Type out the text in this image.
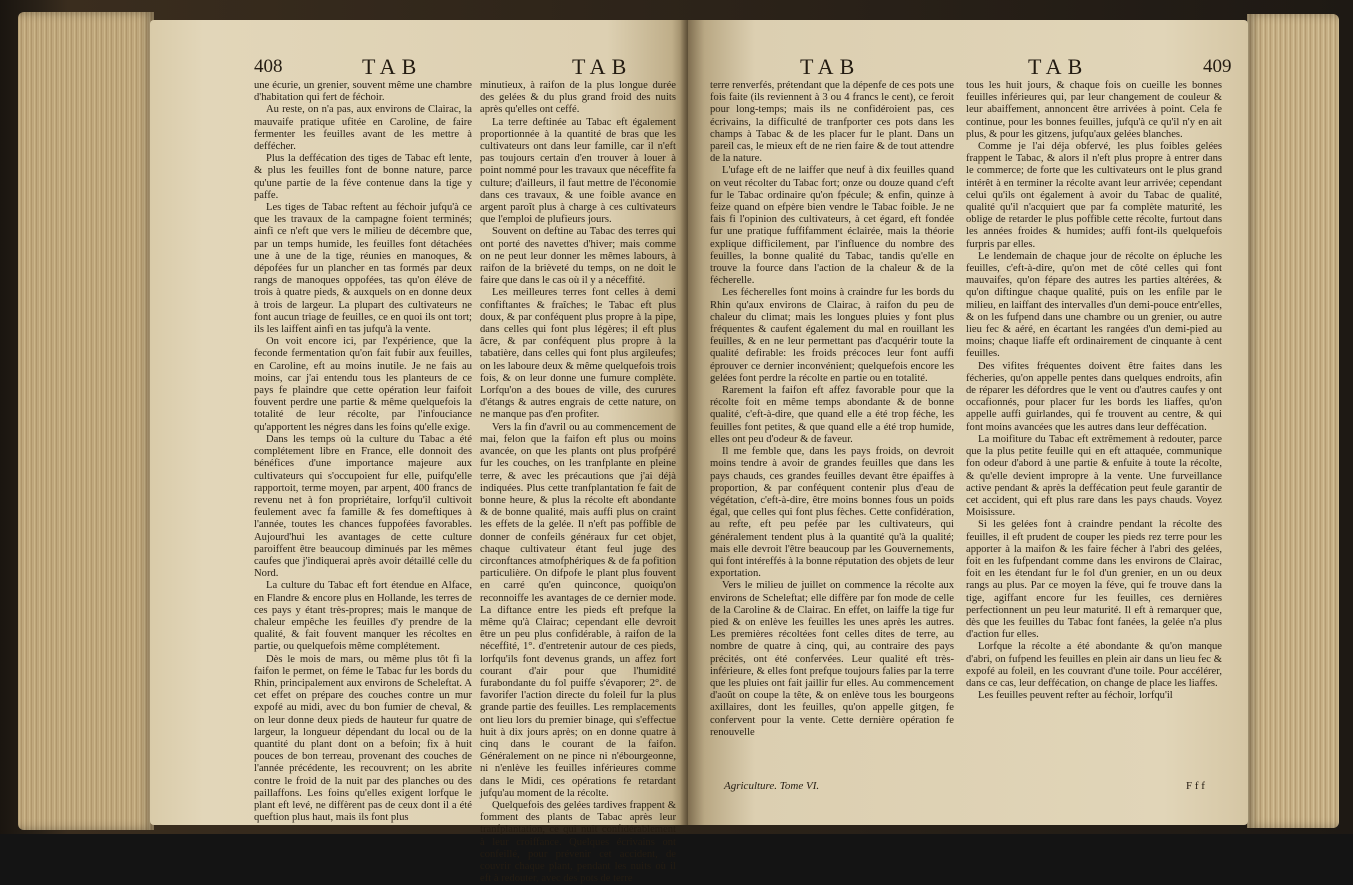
408	TAB	TAB

une écurie, un grenier, souvent même une chambre d'habitation qui fert de féchoir.

Au reste, on n'a pas, aux environs de Clairac, la mauvaife pratique ufitée en Caroline, de faire fermenter les feuilles avant de les mettre à deffécher.

Plus la deffécation des tiges de Tabac eft lente, & plus les feuilles font de bonne nature, parce qu'une partie de la féve contenue dans la tige y paffe.

Les tiges de Tabac reftent au féchoir jufqu'à ce que les travaux de la campagne foient terminés; ainfi ce n'eft que vers le milieu de décembre que, par un temps humide, les feuilles font détachées une à une de la tige, réunies en manoques, & dépofées fur un plancher en tas formés par deux rangs de manoques oppofées, tas qu'on éléve de trois à quatre pieds, & auxquels on en donne deux à trois de largeur. La plupart des cultivateurs ne font aucun triage de feuilles, ce en quoi ils ont tort; ils les laiffent ainfi en tas jufqu'à la vente.

On voit encore ici, par l'expérience, que la feconde fermentation qu'on fait fubir aux feuilles, en Caroline, eft au moins inutile. Je ne fais au moins, car j'ai entendu tous les planteurs de ce pays fe plaindre que cette opération leur faifoit fouvent perdre une partie & même quelquefois la totalité de leur récolte, par l'infouciance qu'apportent les négres dans les foins qu'elle exige.

Dans les temps où la culture du Tabac a été complétement libre en France, elle donnoit des bénéfices d'une importance majeure aux cultivateurs qui s'occupoient fur elle, puifqu'elle rapportoit, terme moyen, par arpent, 400 francs de revenu net à fon propriétaire, lorfqu'il cultivoit feulement avec fa famille & fes domeftiques à l'année, toutes les chances fuppofées favorables. Aujourd'hui les avantages de cette culture paroiffent être beaucoup diminués par les mêmes caufes que j'indiquerai après avoir détaillé celle du Nord.

La culture du Tabac eft fort étendue en Alface, en Flandre & encore plus en Hollande, les terres de ces pays y étant très-propres; mais le manque de chaleur empêche les feuilles d'y prendre de la qualité, & fait fouvent manquer les récoltes en partie, ou quelquefois même complétement.

Dès le mois de mars, ou même plus tôt fi la faifon le permet, on féme le Tabac fur les bords du Rhin, principalement aux environs de Scheleftat. A cet effet on prépare des couches contre un mur expofé au midi, avec du bon fumier de cheval, & on leur donne deux pieds de hauteur fur quatre de largeur, la longueur dépendant du local ou de la quantité du plant dont on a befoin; fix à huit pouces de bon terreau, provenant des couches de l'année précédente, les recouvrent; on les abrite contre le froid de la nuit par des planches ou des paillaffons. Les foins qu'elles exigent lorfque le plant eft levé, ne diffèrent pas de ceux dont il a été queftion plus haut, mais ils font plus

minutieux, à raifon de la plus longue durée des gelées & du plus grand froid des nuits après qu'elles ont ceffé.

La terre deftinée au Tabac eft également proportionnée à la quantité de bras que les cultivateurs ont dans leur famille, car il n'eft pas toujours certain d'en trouver à louer à point nommé pour les travaux que néceffite fa culture; d'ailleurs, il faut mettre de l'économie dans ces travaux, & une foible avance en argent paroît plus à charge à ces cultivateurs que l'emploi de plufieurs jours.

Souvent on deftine au Tabac des terres qui ont porté des navettes d'hiver; mais comme on ne peut leur donner les mêmes labours, à raifon de la brièveté du temps, on ne doit le faire que dans le cas où il y a néceffité.

Les meilleures terres font celles à demi confiftantes & fraîches; le Tabac eft plus doux, & par conféquent plus propre à la pipe, dans celles qui font plus légères; il eft plus âcre, & par conféquent plus propre à la tabatière, dans celles qui font plus argileufes; on les laboure deux & même quelquefois trois fois, & on leur donne une fumure complète. Lorfqu'on a des boues de ville, des curures d'étangs & autres engrais de cette nature, on ne manque pas d'en profiter.

Vers la fin d'avril ou au commencement de mai, felon que la faifon eft plus ou moins avancée, on que les plants ont plus profpéré fur les couches, on les tranfplante en pleine terre, & avec les précautions que j'ai déjà indiquées. Plus cette tranfplantation fe fait de bonne heure, & plus la récolte eft abondante & de bonne qualité, mais auffi plus on craint les effets de la gelée. Il n'eft pas poffible de donner de confeils généraux fur cet objet, chaque cultivateur étant feul juge des circonftances atmofphériques & de fa pofition particulière. On difpofe le plant plus fouvent en carré qu'en quinconce, quoiqu'on reconnoiffe les avantages de ce dernier mode. La diftance entre les pieds eft prefque la même qu'à Clairac; cependant elle devroit être un peu plus confidérable, à raifon de la néceffité, 1°. d'entretenir autour de ces pieds, lorfqu'ils font devenus grands, un affez fort courant d'air pour que l'humidité furabondante du fol puiffe s'évaporer; 2°. de favorifer l'action directe du foleil fur la plus grande partie des feuilles. Les remplacements ont lieu lors du premier binage, qui s'effectue huit à dix jours après; on en donne quatre à cinq dans le courant de la faifon. Généralement on ne pince ni n'ébourgeonne, ni n'enlève les feuilles inférieures comme dans le Midi, ces opérations fe retardant jufqu'au moment de la récolte.

Quelquefois des gelées tardives frappent & fomment des plants de Tabac après leur tranfplantation, ce qui nuit confidérablement à leur croiffance. Quelques écrivains ont confeillé, pour prévenir cet accident, de couvrir chaque plant, pendant les nuits où il eft à redouter, avec des pots de terre

TAB	TAB	409

terre renverfés, prétendant que la dépenfe de ces pots une fois faite (ils reviennent à 3 ou 4 francs le cent), ce feroit pour long-temps; mais ils ne confidéroient pas, ces écrivains, la difficulté de tranfporter ces pots dans les champs à Tabac & de les placer fur le plant. Dans un pareil cas, le mieux eft de ne rien faire & de tout attendre de la nature.

L'ufage eft de ne laiffer que neuf à dix feuilles quand on veut récolter du Tabac fort; onze ou douze quand c'eft fur le Tabac ordinaire qu'on fpécule; & enfin, quinze à feize quand on efpère bien vendre le Tabac foible. Je ne fais fi l'opinion des cultivateurs, à cet égard, eft fondée fur une pratique fuffifamment éclairée, mais la théorie explique difficilement, par l'influence du nombre des feuilles, la bonne qualité du Tabac, tandis qu'elle en trouve la fource dans l'action de la chaleur & de la fécherelle.

Les fécherelles font moins à craindre fur les bords du Rhin qu'aux environs de Clairac, à raifon du peu de chaleur du climat; mais les longues pluies y font plus fréquentes & caufent également du mal en rouillant les feuilles, & en ne leur permettant pas d'acquérir toute la qualité defirable: les froids précoces leur font auffi éprouver ce dernier inconvénient; quelquefois encore les gelées font perdre la récolte en partie ou en totalité.

Rarement la faifon eft affez favorable pour que la récolte foit en même temps abondante & de bonne qualité, c'eft-à-dire, que quand elle a été trop féche, les feuilles font petites, & que quand elle a été trop humide, elles ont peu d'odeur & de faveur.

Il me femble que, dans les pays froids, on devroit moins tendre à avoir de grandes feuilles que dans les pays chauds, ces grandes feuilles devant être épaiffes à proportion, & par conféquent contenir plus d'eau de végétation, c'eft-à-dire, être moins bonnes fous un poids égal, que celles qui font plus fèches. Cette confidération, au refte, eft peu pefée par les cultivateurs, qui généralement tendent plus à la quantité qu'à la qualité; mais elle devroit l'être beaucoup par les Gouvernements, qui font intéreffés à la bonne réputation des objets de leur exportation.

Vers le milieu de juillet on commence la récolte aux environs de Scheleftat; elle diffère par fon mode de celle de la Caroline & de Clairac. En effet, on laiffe la tige fur pied & on enlève les feuilles les unes après les autres. Les premières récoltées font celles dites de terre, au nombre de quatre à cinq, qui, au contraire des pays précités, ont été confervées. Leur qualité eft très-inférieure, & elles font prefque toujours falies par la terre que les pluies ont fait jaillir fur elles. Au commencement d'août on coupe la tête, & on enlève tous les bourgeons axillaires, dont les feuilles, qu'on appelle gitgen, fe confervent pour la vente. Cette dernière opération fe renouvelle

tous les huit jours, & chaque fois on cueille les bonnes feuilles inférieures qui, par leur changement de couleur & leur abaiffement, annoncent être arrivées à point. Cela fe continue, pour les bonnes feuilles, jufqu'à ce qu'il n'y en ait plus, & pour les gitzens, jufqu'aux gelées blanches.

Comme je l'ai déja obfervé, les plus foibles gelées frappent le Tabac, & alors il n'eft plus propre à entrer dans le commerce; de forte que les cultivateurs ont le plus grand intérêt à en terminer la récolte avant leur arrivée; cependant celui qu'ils ont également à avoir du Tabac de qualité, qualité qu'il n'acquiert que par fa complète maturité, les oblige de retarder le plus poffible cette récolte, furtout dans les années froides & humides; auffi font-ils quelquefois furpris par elles.

Le lendemain de chaque jour de récolte on épluche les feuilles, c'eft-à-dire, qu'on met de côté celles qui font mauvaifes, qu'on fépare des autres les parties altérées, & qu'on diftingue chaque qualité, puis on les enfile par le milieu, en laiffant des intervalles d'un demi-pouce entr'elles, & on les fufpend dans une chambre ou un grenier, ou autre lieu fec & aéré, en écartant les rangées d'un demi-pied au moins; chaque liaffe eft ordinairement de cinquante à cent feuilles.

Des vifites fréquentes doivent être faites dans les fécheries, qu'on appelle pentes dans quelques endroits, afin de réparer les défordres que le vent ou d'autres caufes y ont occafionnés, pour placer fur les bords les liaffes, qu'on appelle auffi guirlandes, qui fe trouvent au centre, & qui font moins avancées que les autres dans leur deffécation.

La moifiture du Tabac eft extrêmement à redouter, parce que la plus petite feuille qui en eft attaquée, communique fon odeur d'abord à une partie & enfuite à toute la récolte, & qu'elle devient impropre à la vente. Une furveillance active pendant & après la deffécation peut feule garantir de cet accident, qui eft plus rare dans les pays chauds. Voyez Moisissure.

Si les gelées font à craindre pendant la récolte des feuilles, il eft prudent de couper les pieds rez terre pour les apporter à la maifon & les faire fécher à l'abri des gelées, foit en les fufpendant comme dans les environs de Clairac, foit en les étendant fur le fol d'un grenier, en un ou deux rangs au plus. Par ce moyen la féve, qui fe trouve dans la tige, agiffant encore fur les feuilles, ces dernières perfectionnent un peu leur maturité. Il eft à remarquer que, dès que les feuilles du Tabac font fanées, la gelée n'a plus d'action fur elles.

Lorfque la récolte a été abondante & qu'on manque d'abri, on fufpend les feuilles en plein air dans un lieu fec & expofé au foleil, en les couvrant d'une toile. Pour accélérer, dans ce cas, leur deffécation, on change de place les liaffes.

Les feuilles peuvent refter au féchoir, lorfqu'il

Agriculture. Tome VI.	F f f
